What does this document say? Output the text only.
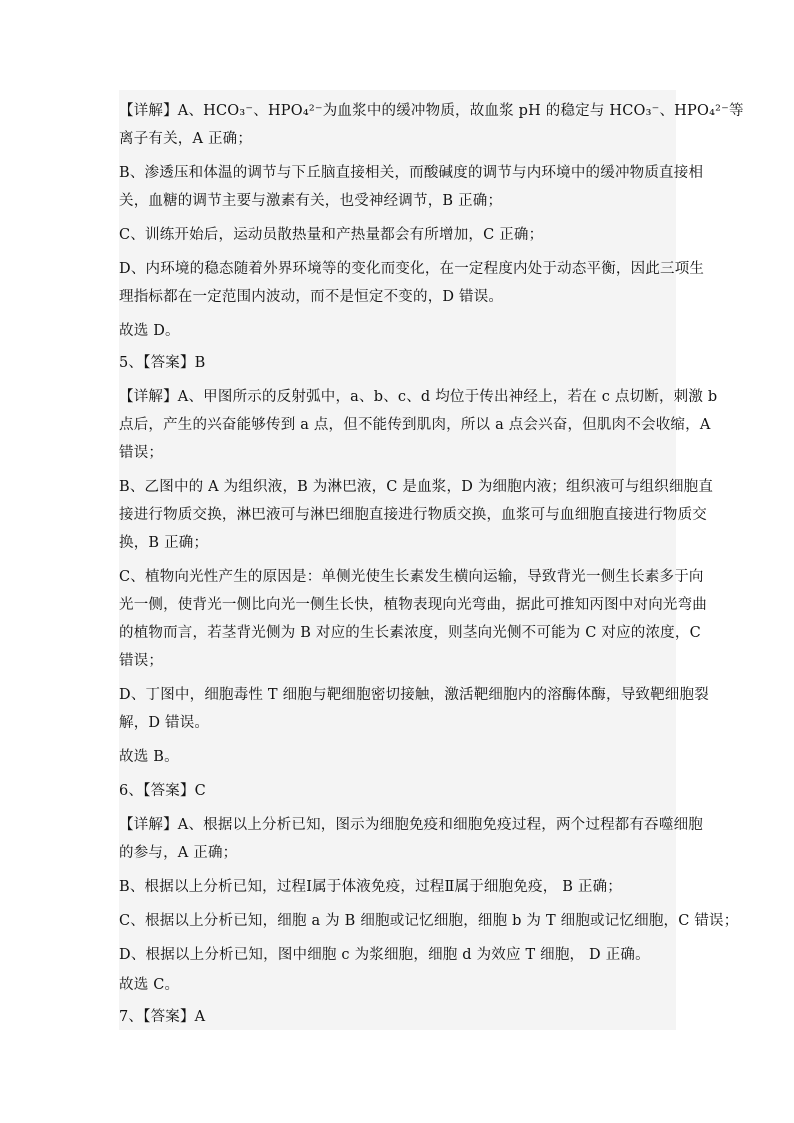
【详解】A、HCO₃⁻、HPO₄²⁻为血浆中的缓冲物质，故血浆 pH 的稳定与 HCO₃⁻、HPO₄²⁻等
离子有关，A 正确；
B、渗透压和体温的调节与下丘脑直接相关，而酸碱度的调节与内环境中的缓冲物质直接相
关，血糖的调节主要与激素有关，也受神经调节，B 正确；
C、训练开始后，运动员散热量和产热量都会有所增加，C 正确；
D、内环境的稳态随着外界环境等的变化而变化，在一定程度内处于动态平衡，因此三项生
理指标都在一定范围内波动，而不是恒定不变的，D 错误。
故选 D。
5、【答案】B
【详解】A、甲图所示的反射弧中，a、b、c、d 均位于传出神经上，若在 c 点切断，刺激 b
点后，产生的兴奋能够传到 a 点，但不能传到肌肉，所以 a 点会兴奋，但肌肉不会收缩，A
错误；
B、乙图中的 A 为组织液，B 为淋巴液，C 是血浆，D 为细胞内液；组织液可与组织细胞直
接进行物质交换，淋巴液可与淋巴细胞直接进行物质交换，血浆可与血细胞直接进行物质交
换，B 正确；
C、植物向光性产生的原因是：单侧光使生长素发生横向运输，导致背光一侧生长素多于向
光一侧，使背光一侧比向光一侧生长快，植物表现向光弯曲，据此可推知丙图中对向光弯曲
的植物而言，若茎背光侧为 B 对应的生长素浓度，则茎向光侧不可能为 C 对应的浓度，C
错误；
D、丁图中，细胞毒性 T 细胞与靶细胞密切接触，激活靶细胞内的溶酶体酶，导致靶细胞裂
解，D 错误。
故选 B。
6、【答案】C
【详解】A、根据以上分析已知，图示为细胞免疫和细胞免疫过程，两个过程都有吞噬细胞
的参与，A 正确；
B、根据以上分析已知，过程Ⅰ属于体液免疫，过程Ⅱ属于细胞免疫， B 正确；
C、根据以上分析已知，细胞 a 为 B 细胞或记忆细胞，细胞 b 为 T 细胞或记忆细胞，C 错误；
D、根据以上分析已知，图中细胞 c 为浆细胞，细胞 d 为效应 T 细胞， D 正确。
故选 C。
7、【答案】A
